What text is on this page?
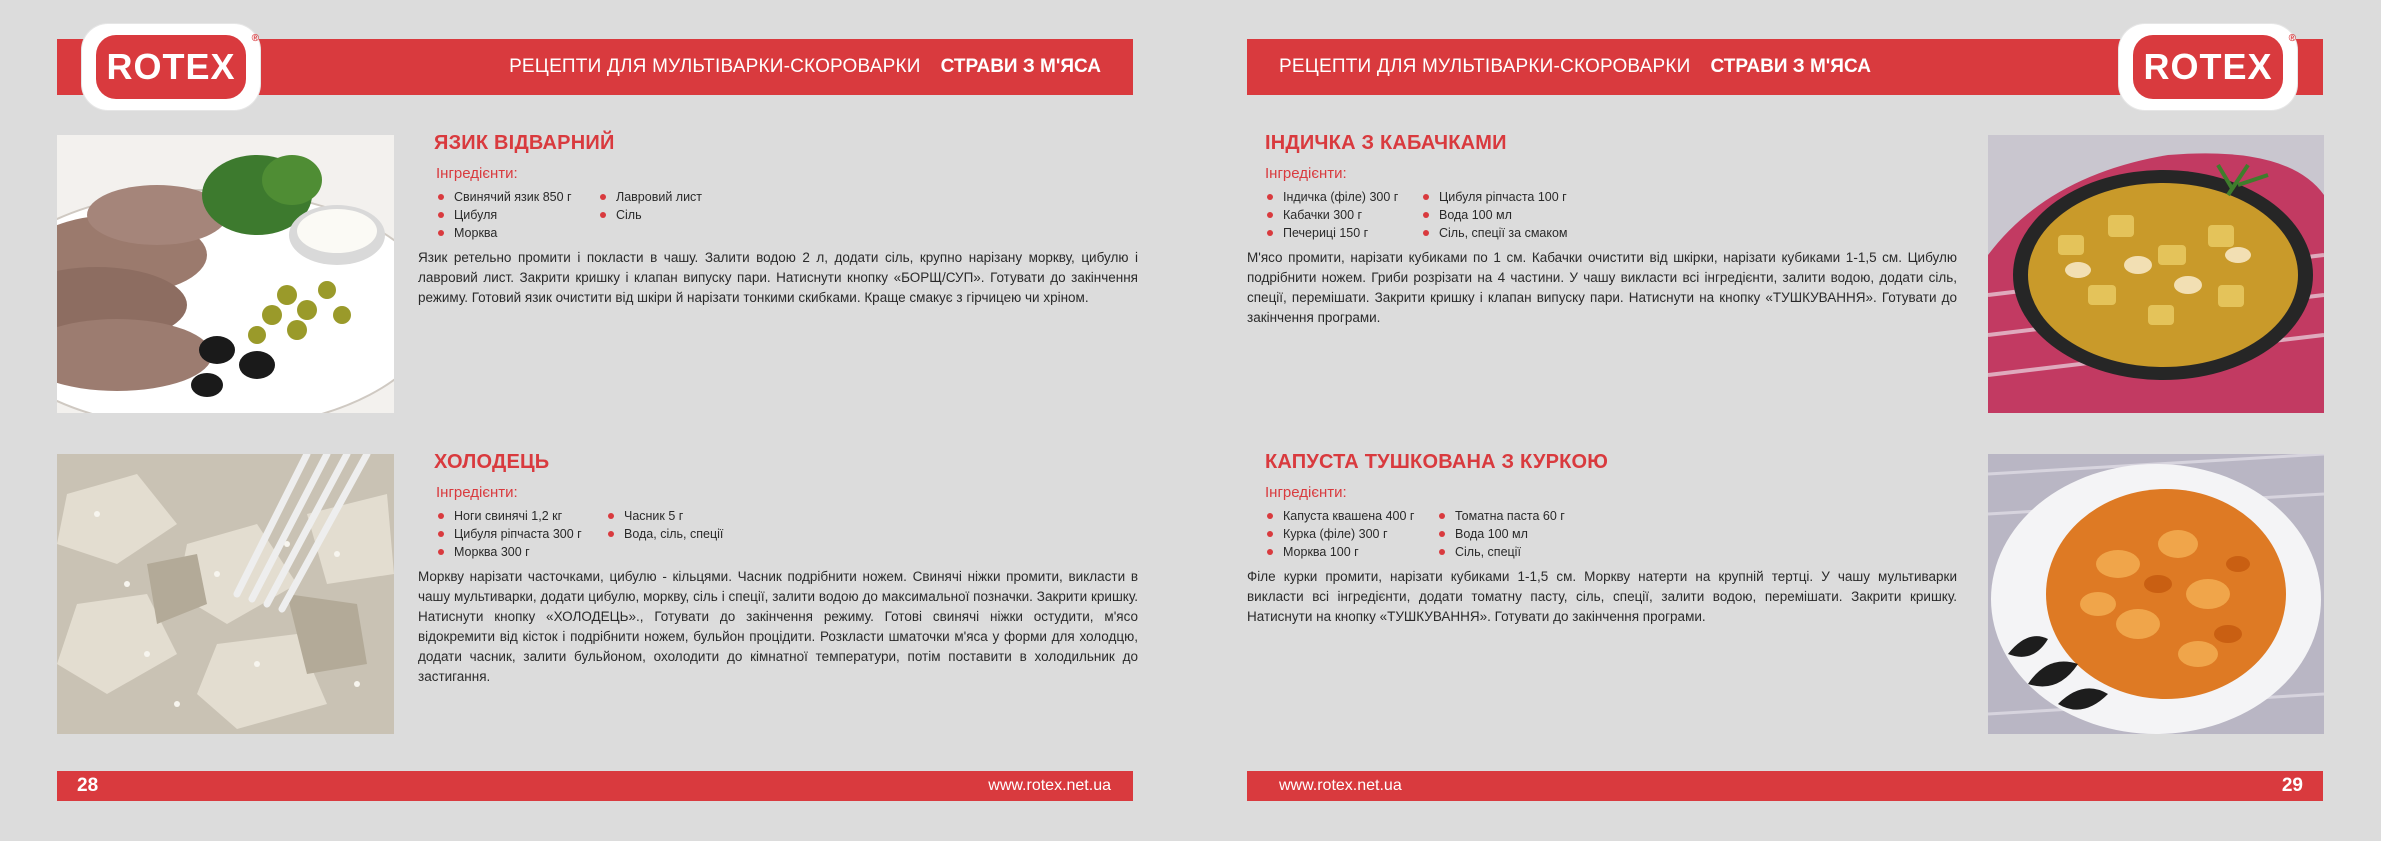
РЕЦЕПТИ ДЛЯ МУЛЬТІВАРКИ-СКОРОВАРКИ СТРАВИ З М'ЯСА
ROTEX
®
ЯЗИК ВІДВАРНИЙ
Інгредієнти:
Свинячий язик 850 г
Цибуля
Морква
Лавровий лист
Сіль

Язик ретельно промити і покласти в чашу. Залити водою 2 л, додати сіль, крупно нарізану моркву, цибулю і лавровий лист. Закрити кришку і клапан випуску пари. Натиснути кнопку «БОРЩ/СУП». Готувати до закінчення режиму. Готовий язик очистити від шкіри й нарізати тонкими скибками. Краще смакує з гірчицею чи хріном.

ХОЛОДЕЦЬ
Інгредієнти:
Ноги свинячі 1,2 кг
Цибуля ріпчаста 300 г
Морква 300 г
Часник 5 г
Вода, сіль, спеції

Моркву нарізати часточками, цибулю - кільцями. Часник подрібнити ножем. Свинячі ніжки промити, викласти в чашу мультиварки, додати цибулю, моркву, сіль і спеції, залити водою до максимальної позначки. Закрити кришку. Натиснути кнопку «ХОЛОДЕЦЬ»., Готувати до закінчення режиму. Готові свинячі ніжки остудити, м'ясо відокремити від кісток і подрібнити ножем, бульйон процідити. Розкласти шматочки м'яса у форми для холодцю, додати часник, залити бульйоном, охолодити до кімнатної температури, потім поставити в холодильник до застигання.

28	www.rotex.net.ua
РЕЦЕПТИ ДЛЯ МУЛЬТІВАРКИ-СКОРОВАРКИ СТРАВИ З М'ЯСА	ROTEX
®
ІНДИЧКА З КАБАЧКАМИ
Інгредієнти:
Індичка (філе) 300 г
Кабачки 300 г
Печериці 150 г
Цибуля ріпчаста 100 г
Вода 100 мл
Сіль, спеції за смаком

М'ясо промити, нарізати кубиками по 1 см. Кабачки очистити від шкірки, нарізати кубиками 1-1,5 см. Цибулю подрібнити ножем. Гриби розрізати на 4 частини. У чашу викласти всі інгредієнти, залити водою, додати сіль, спеції, перемішати. Закрити кришку і клапан випуску пари. Натиснути на кнопку «ТУШКУВАННЯ». Готувати до закінчення програми.

КАПУСТА ТУШКОВАНА З КУРКОЮ
Інгредієнти:
Капуста квашена 400 г
Курка (філе) 300 г
Морква 100 г
Томатна паста 60 г
Вода 100 мл
Сіль, спеції

Філе курки промити, нарізати кубиками 1-1,5 см. Моркву натерти на крупній тертці. У чашу мультиварки викласти всі інгредієнти, додати томатну пасту, сіль, спеції, залити водою, перемішати. Закрити кришку. Натиснути на кнопку «ТУШКУВАННЯ». Готувати до закінчення програми.

www.rotex.net.ua	29
